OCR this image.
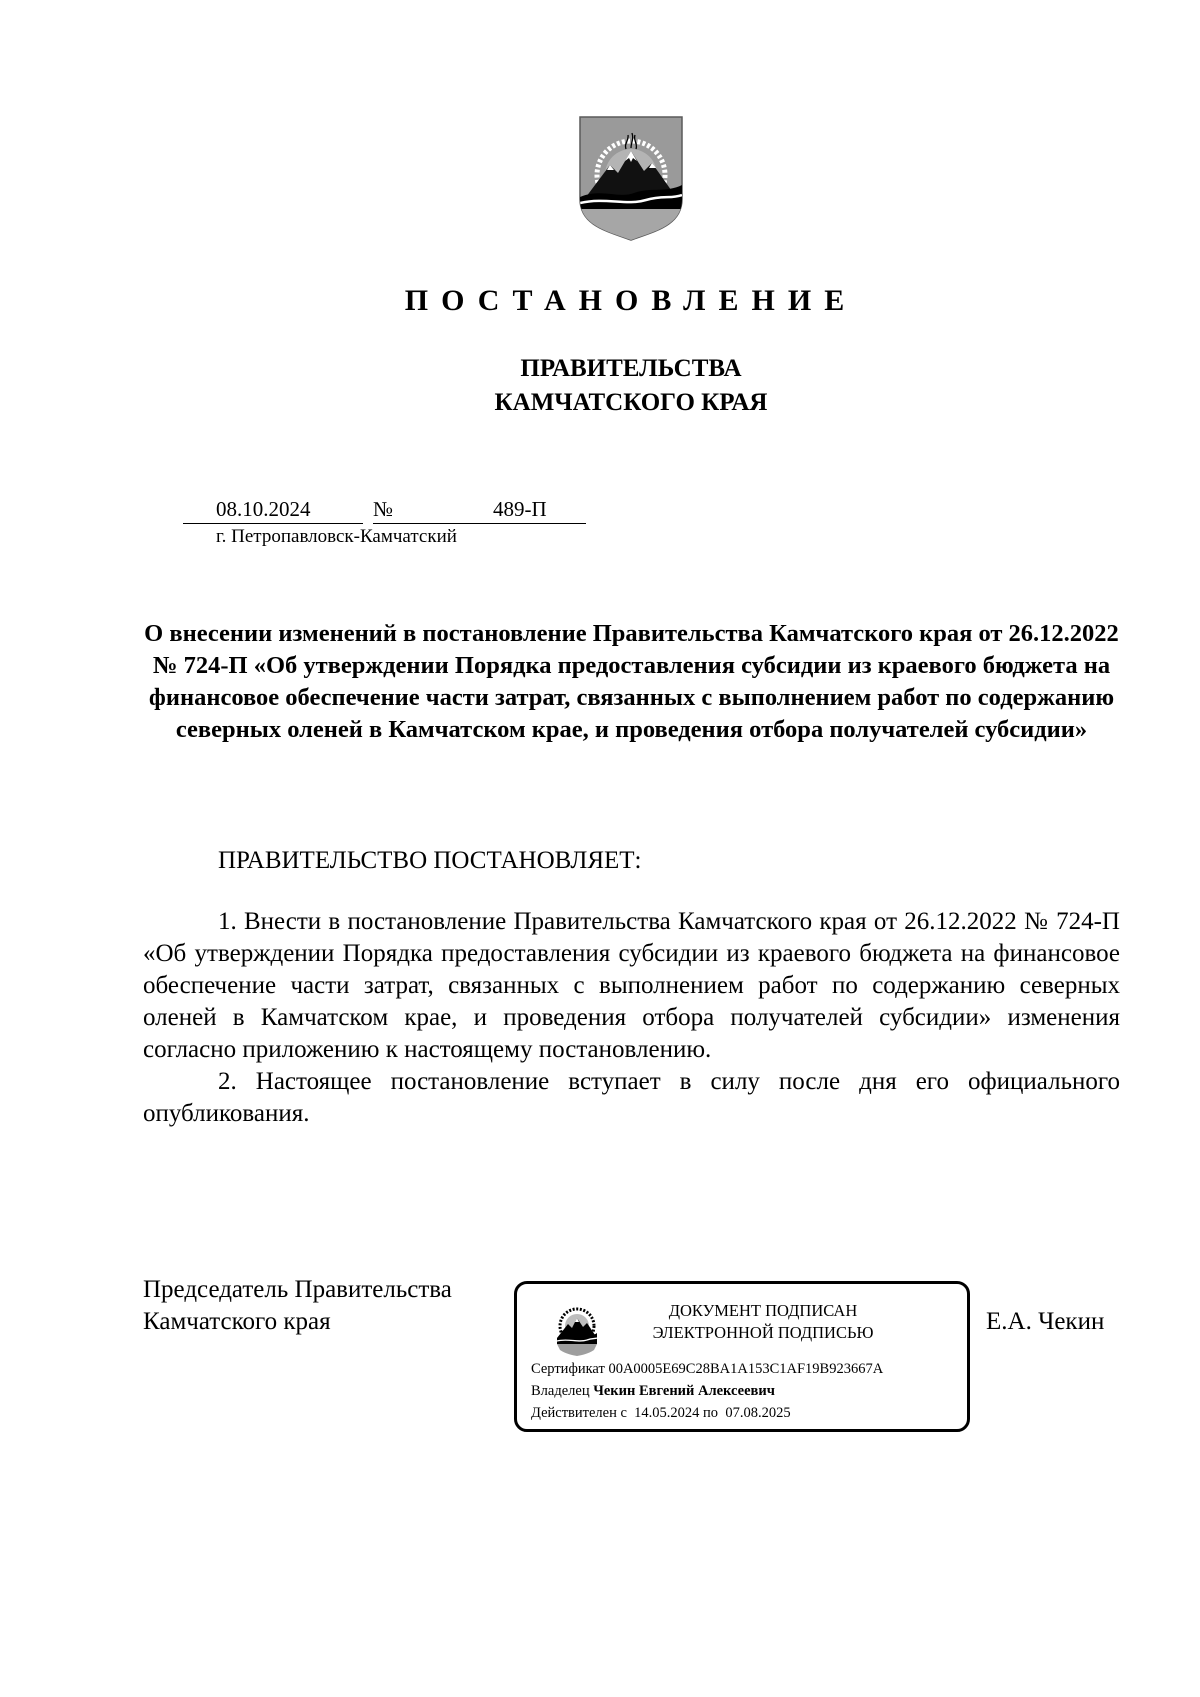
ПОСТАНОВЛЕНИЕ
ПРАВИТЕЛЬСТВА
КАМЧАТСКОГО КРАЯ
08.10.2024	№	489-П
г. Петропавловск-Камчатский
О внесении изменений в постановление Правительства Камчатского края от 26.12.2022 № 724-П «Об утверждении Порядка предоставления субсидии из краевого бюджета на финансовое обеспечение части затрат, связанных с выполнением работ по содержанию северных оленей в Камчатском крае, и проведения отбора получателей субсидии»
ПРАВИТЕЛЬСТВО ПОСТАНОВЛЯЕТ:

1. Внести в постановление Правительства Камчатского края от 26.12.2022 № 724-П «Об утверждении Порядка предоставления субсидии из краевого бюджета на финансовое обеспечение части затрат, связанных с выполнением работ по содержанию северных оленей в Камчатском крае, и проведения отбора получателей субсидии» изменения согласно приложению к настоящему постановлению.

2. Настоящее постановление вступает в силу после дня его официального опубликования.

Председатель Правительства
Камчатского края	ДОКУМЕНТ ПОДПИСАН
ЭЛЕКТРОННОЙ ПОДПИСЬЮ
Сертификат 00A0005E69C28BA1A153C1AF19B923667A
Владелец Чекин Евгений Алексеевич
Действителен с 14.05.2024 по 07.08.2025
Е.А. Чекин
